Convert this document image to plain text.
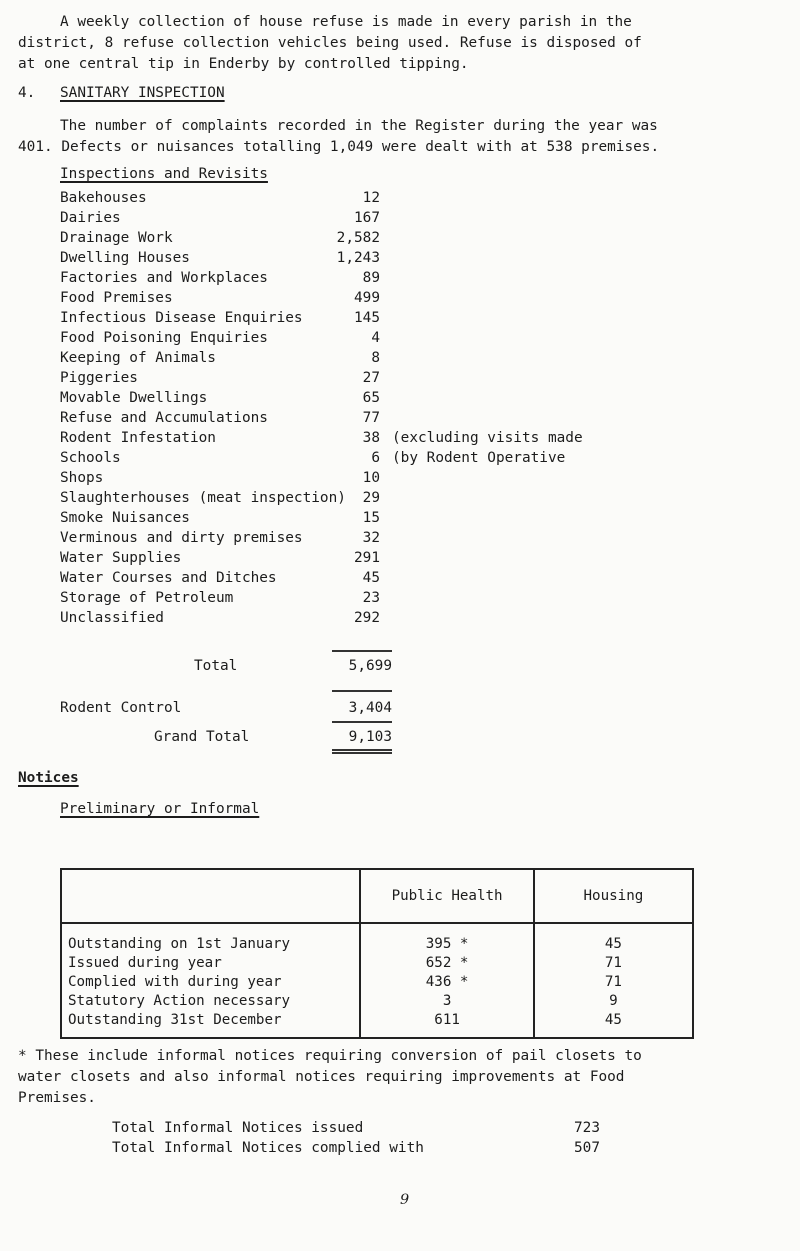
A weekly collection of house refuse is made in every parish in the
district, 8 refuse collection vehicles being used. Refuse is disposed of
at one central tip in Enderby by controlled tipping.
4. SANITARY INSPECTION
The number of complaints recorded in the Register during the year was
401. Defects or nuisances totalling 1,049 were dealt with at 538 premises.
Inspections and Revisits
Bakehouses	12
Dairies	167
Drainage Work	2,582
Dwelling Houses	1,243
Factories and Workplaces	89
Food Premises	499
Infectious Disease Enquiries	145
Food Poisoning Enquiries	4
Keeping of Animals	8
Piggeries	27
Movable Dwellings	65
Refuse and Accumulations	77
Rodent Infestation	38 (excluding visits made
Schools	6 (by Rodent Operative
Shops	10
Slaughterhouses (meat inspection)	29
Smoke Nuisances	15
Verminous and dirty premises	32
Water Supplies	291
Water Courses and Ditches	45
Storage of Petroleum	23
Unclassified	292
Total	5,699
Rodent Control	3,404
Grand Total	9,103
Notices
Preliminary or Informal
	Public Health	Housing
Outstanding on 1st January	395 *	45
Issued during year	652 *	71
Complied with during year	436 *	71
Statutory Action necessary	3	9
Outstanding 31st December	611	45
* These include informal notices requiring conversion of pail closets to
water closets and also informal notices requiring improvements at Food
Premises.
Total Informal Notices issued	723
Total Informal Notices complied with	507
9
